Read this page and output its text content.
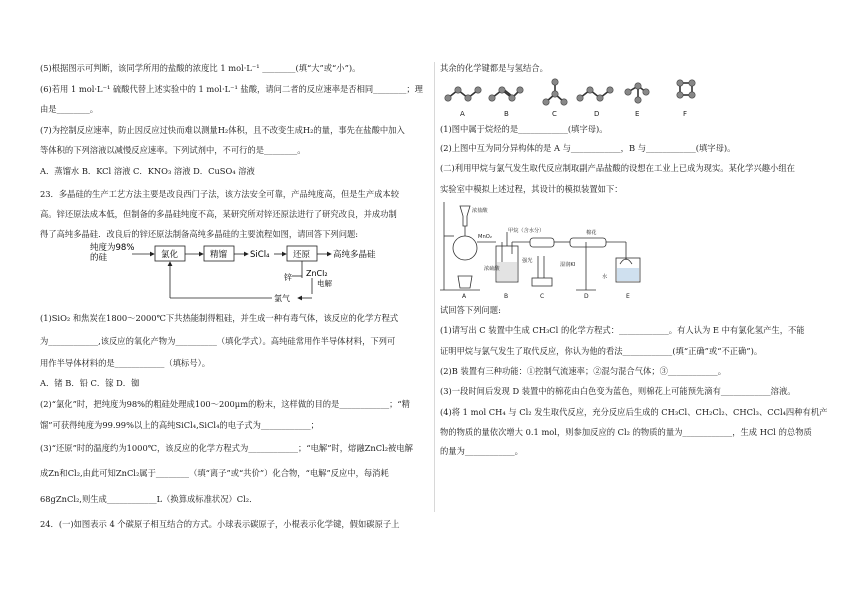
(5)根据图示可判断，该同学所用的盐酸的浓度比 1 mol·L⁻¹ ________(填“大”或“小”)。
(6)若用 1 mol·L⁻¹ 硫酸代替上述实验中的 1 mol·L⁻¹ 盐酸，请问二者的反应速率是否相同________；理
由是________。
(7)为控制反应速率，防止因反应过快而难以测量H₂体积，且不改变生成H₂的量，事先在盐酸中加入
等体积的下列溶液以减慢反应速率。下列试剂中，不可行的是________。
A．蒸馏水 B．KCl 溶液 C．KNO₃ 溶液 D．CuSO₄ 溶液
23．多晶硅的生产工艺方法主要是改良西门子法，该方法安全可靠，产品纯度高，但是生产成本较
高。锌还原法成本低，但制备的多晶硅纯度不高，某研究所对锌还原法进行了研究改良，并成功制
得了高纯多晶硅．改良后的锌还原法制备高纯多晶硅的主要流程如图，请回答下列问题:
纯度为98%
的硅	氯化	精馏	SiCl₄	还原	高纯多晶硅
锌 ZnCl₂
电解
氯气
(1)SiO₂ 和焦炭在1800～2000℃下共热能制得粗硅，并生成一种有毒气体，该反应的化学方程式
为____________,该反应的氧化产物为__________（填化学式）。高纯硅常用作半导体材料，下列可
用作半导体材料的是____________（填标号）。
A．锗 B．铅 C．镓 D．铷
(2)“氯化”时，把纯度为98%的粗硅处理成100～200μm的粉末，这样做的目的是____________；“精
馏”可获得纯度为99.99%以上的高纯SiCl₄,SiCl₄的电子式为____________；
(3)“还原”时的温度约为1000℃，该反应的化学方程式为____________；“电解”时，熔融ZnCl₂被电解
成Zn和Cl₂,由此可知ZnCl₂属于________（填“离子”或“共价”）化合物，“电解”反应中，每消耗
68gZnCl₂,则生成____________L（换算成标准状况）Cl₂．
24．(一)如图表示 4 个碳原子相互结合的方式。小球表示碳原子，小棍表示化学键，假如碳原子上
其余的化学键都是与氢结合。
A	B	C	D	E	F
(1)图中属于烷烃的是____________(填字母)。
(2)上图中互为同分异构体的是 A 与____________，B 与____________(填字母)。
(二)利用甲烷与氯气发生取代反应制取副产品盐酸的设想在工业上已成为现实。某化学兴趣小组在
实验室中模拟上述过程，其设计的模拟装置如下：
浓盐酸
MnO₂
甲烷（含水分）
浓硫酸
湿润KI
棉花
强光
水
A	B	C	D	E
试回答下列问题:
(1)请写出 C 装置中生成 CH₃Cl 的化学方程式：____________。有人认为 E 中有氯化氢产生，不能
证明甲烷与氯气发生了取代反应，你认为他的看法____________(填“正确”或“不正确”)。
(2)B 装置有三种功能：①控制气流速率；②混匀混合气体；③____________。
(3)一段时间后发现 D 装置中的棉花由白色变为蓝色，则棉花上可能预先滴有____________溶液。
(4)将 1 mol CH₄ 与 Cl₂ 发生取代反应，充分反应后生成的 CH₃Cl、CH₂Cl₂、CHCl₃、CCl₄四种有机产
物的物质的量依次增大 0.1 mol，则参加反应的 Cl₂ 的物质的量为____________，生成 HCl 的总物质
的量为____________。
